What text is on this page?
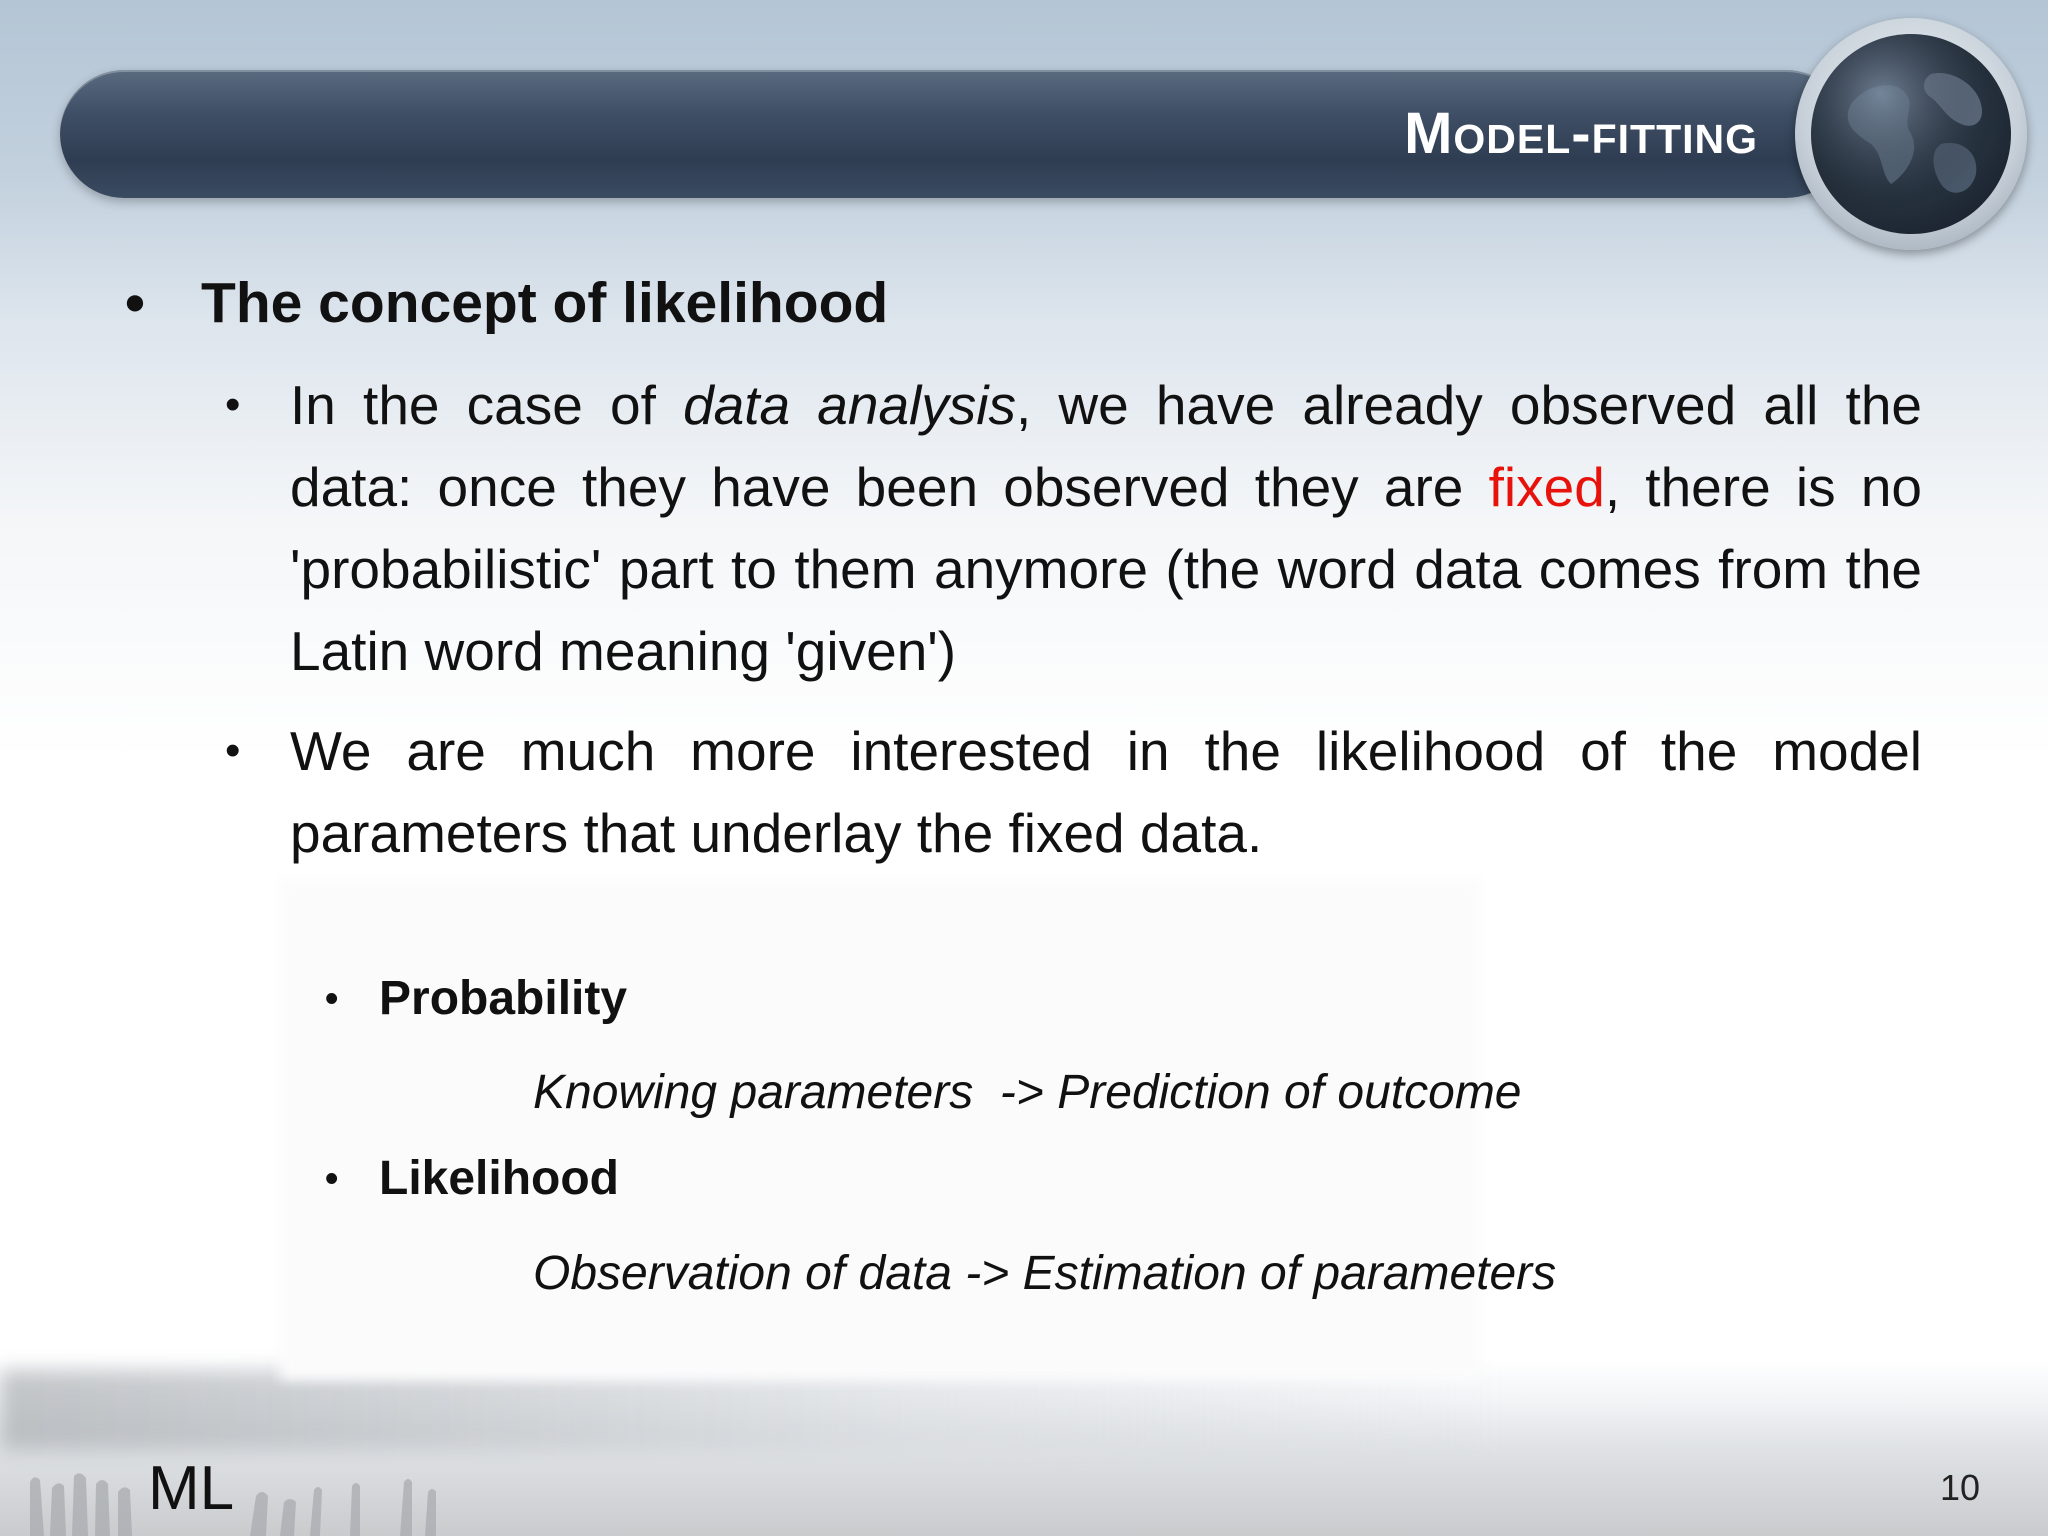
Model-fitting
• The concept of likelihood
• In the case of data analysis, we have already observed all the data: once they have been observed they are fixed, there is no 'probabilistic' part to them anymore (the word data comes from the Latin word meaning 'given')
• We are much more interested in the likelihood of the model parameters that underlay the fixed data.
• Probability
Knowing parameters  -> Prediction of outcome
• Likelihood
Observation of data -> Estimation of parameters
ML	10
